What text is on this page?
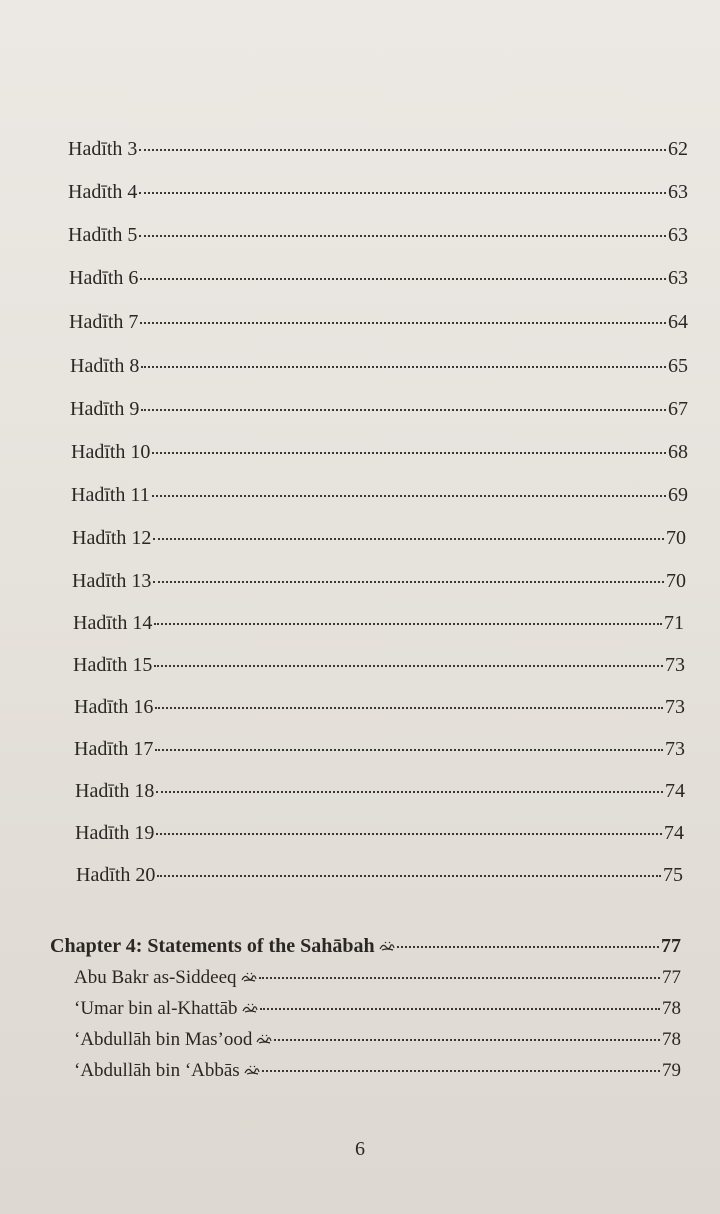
Hadīth 3	62
Hadīth 4	63
Hadīth 5	63
Hadīth 6	63
Hadīth 7	64
Hadīth 8	65
Hadīth 9	67
Hadīth 10	68
Hadīth 11	69
Hadīth 12	70
Hadīth 13	70
Hadīth 14	71
Hadīth 15	73
Hadīth 16	73
Hadīth 17	73
Hadīth 18	74
Hadīth 19	74
Hadīth 20	75
Chapter 4: Statements of the Sahābah	77
Abu Bakr as-Siddeeq	77
‘Umar bin al-Khattāb	78
‘Abdullāh bin Mas’ood	78
‘Abdullāh bin ‘Abbās	79
6
